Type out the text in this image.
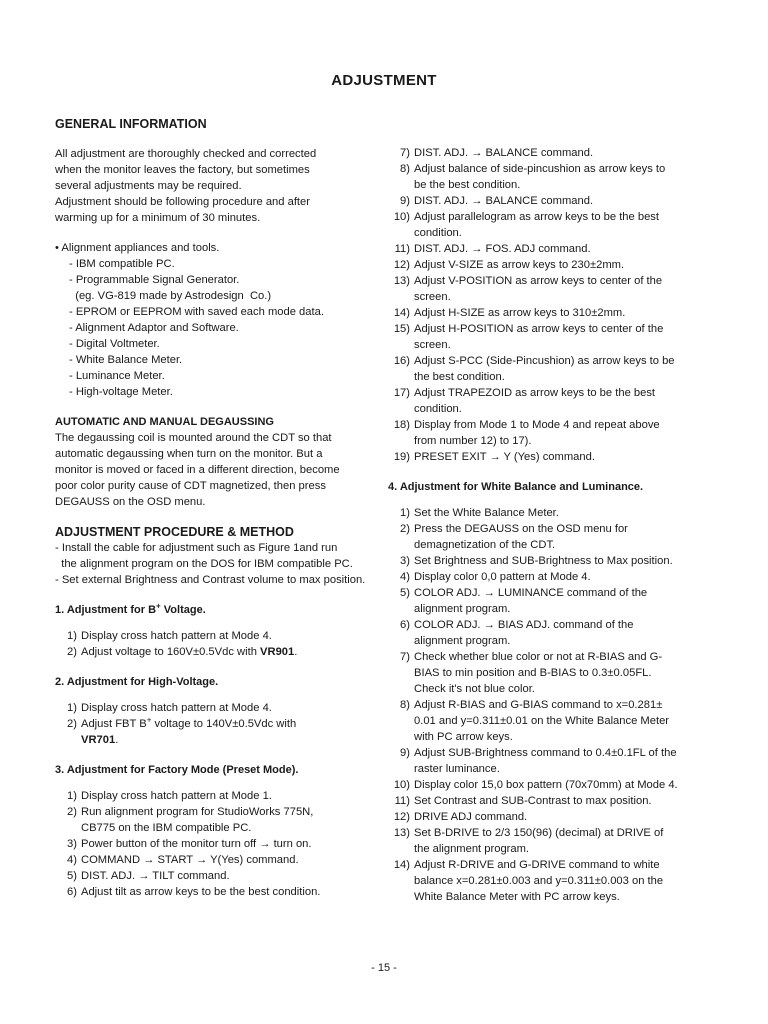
ADJUSTMENT
GENERAL INFORMATION
All adjustment are thoroughly checked and corrected
when the monitor leaves the factory, but sometimes
several adjustments may be required.
Adjustment should be following procedure and after
warming up for a minimum of 30 minutes.
• Alignment appliances and tools.
- IBM compatible PC.
- Programmable Signal Generator.
(eg. VG-819 made by Astrodesign  Co.)
- EPROM or EEPROM with saved each mode data.
- Alignment Adaptor and Software.
- Digital Voltmeter.
- White Balance Meter.
- Luminance Meter.
- High-voltage Meter.
AUTOMATIC AND MANUAL DEGAUSSING
The degaussing coil is mounted around the CDT so that
automatic degaussing when turn on the monitor. But a
monitor is moved or faced in a different direction, become
poor color purity cause of CDT magnetized, then press
DEGAUSS on the OSD menu.
ADJUSTMENT PROCEDURE & METHOD
- Install the cable for adjustment such as Figure 1and run
the alignment program on the DOS for IBM compatible PC.
- Set external Brightness and Contrast volume to max position.
1. Adjustment for B+ Voltage.
1) Display cross hatch pattern at Mode 4.
2) Adjust voltage to 160V±0.5Vdc with VR901.
2. Adjustment for High-Voltage.
1) Display cross hatch pattern at Mode 4.
2) Adjust FBT B+ voltage to 140V±0.5Vdc with
VR701.
3. Adjustment for Factory Mode (Preset Mode).
1) Display cross hatch pattern at Mode 1.
2) Run alignment program for StudioWorks 775N,
CB775 on the IBM compatible PC.
3) Power button of the monitor turn off → turn on.
4) COMMAND → START → Y(Yes) command.
5) DIST. ADJ. → TILT command.
6) Adjust tilt as arrow keys to be the best condition.
7) DIST. ADJ. → BALANCE command.
8) Adjust balance of side-pincushion as arrow keys to
be the best condition.
9) DIST. ADJ. → BALANCE command.
10) Adjust parallelogram as arrow keys to be the best
condition.
11) DIST. ADJ. → FOS. ADJ command.
12) Adjust V-SIZE as arrow keys to 230±2mm.
13) Adjust V-POSITION as arrow keys to center of the
screen.
14) Adjust H-SIZE as arrow keys to 310±2mm.
15) Adjust H-POSITION as arrow keys to center of the
screen.
16) Adjust S-PCC (Side-Pincushion) as arrow keys to be
the best condition.
17) Adjust TRAPEZOID as arrow keys to be the best
condition.
18) Display from Mode 1 to Mode 4 and repeat above
from number 12) to 17).
19) PRESET EXIT → Y (Yes) command.
4. Adjustment for White Balance and Luminance.
1) Set the White Balance Meter.
2) Press the DEGAUSS on the OSD menu for
demagnetization of the CDT.
3) Set Brightness and SUB-Brightness to Max position.
4) Display color 0,0 pattern at Mode 4.
5) COLOR ADJ. → LUMINANCE command of the
alignment program.
6) COLOR ADJ. → BIAS ADJ. command of the
alignment program.
7) Check whether blue color or not at R-BIAS and G-
BIAS to min position and B-BIAS to 0.3±0.05FL.
Check it's not blue color.
8) Adjust R-BIAS and G-BIAS command to x=0.281±
0.01 and y=0.311±0.01 on the White Balance Meter
with PC arrow keys.
9) Adjust SUB-Brightness command to 0.4±0.1FL of the
raster luminance.
10) Display color 15,0 box pattern (70x70mm) at Mode 4.
11) Set Contrast and SUB-Contrast to max position.
12) DRIVE ADJ command.
13) Set B-DRIVE to 2/3 150(96) (decimal) at DRIVE of
the alignment program.
14) Adjust R-DRIVE and G-DRIVE command to white
balance x=0.281±0.003 and y=0.311±0.003 on the
White Balance Meter with PC arrow keys.
- 15 -
